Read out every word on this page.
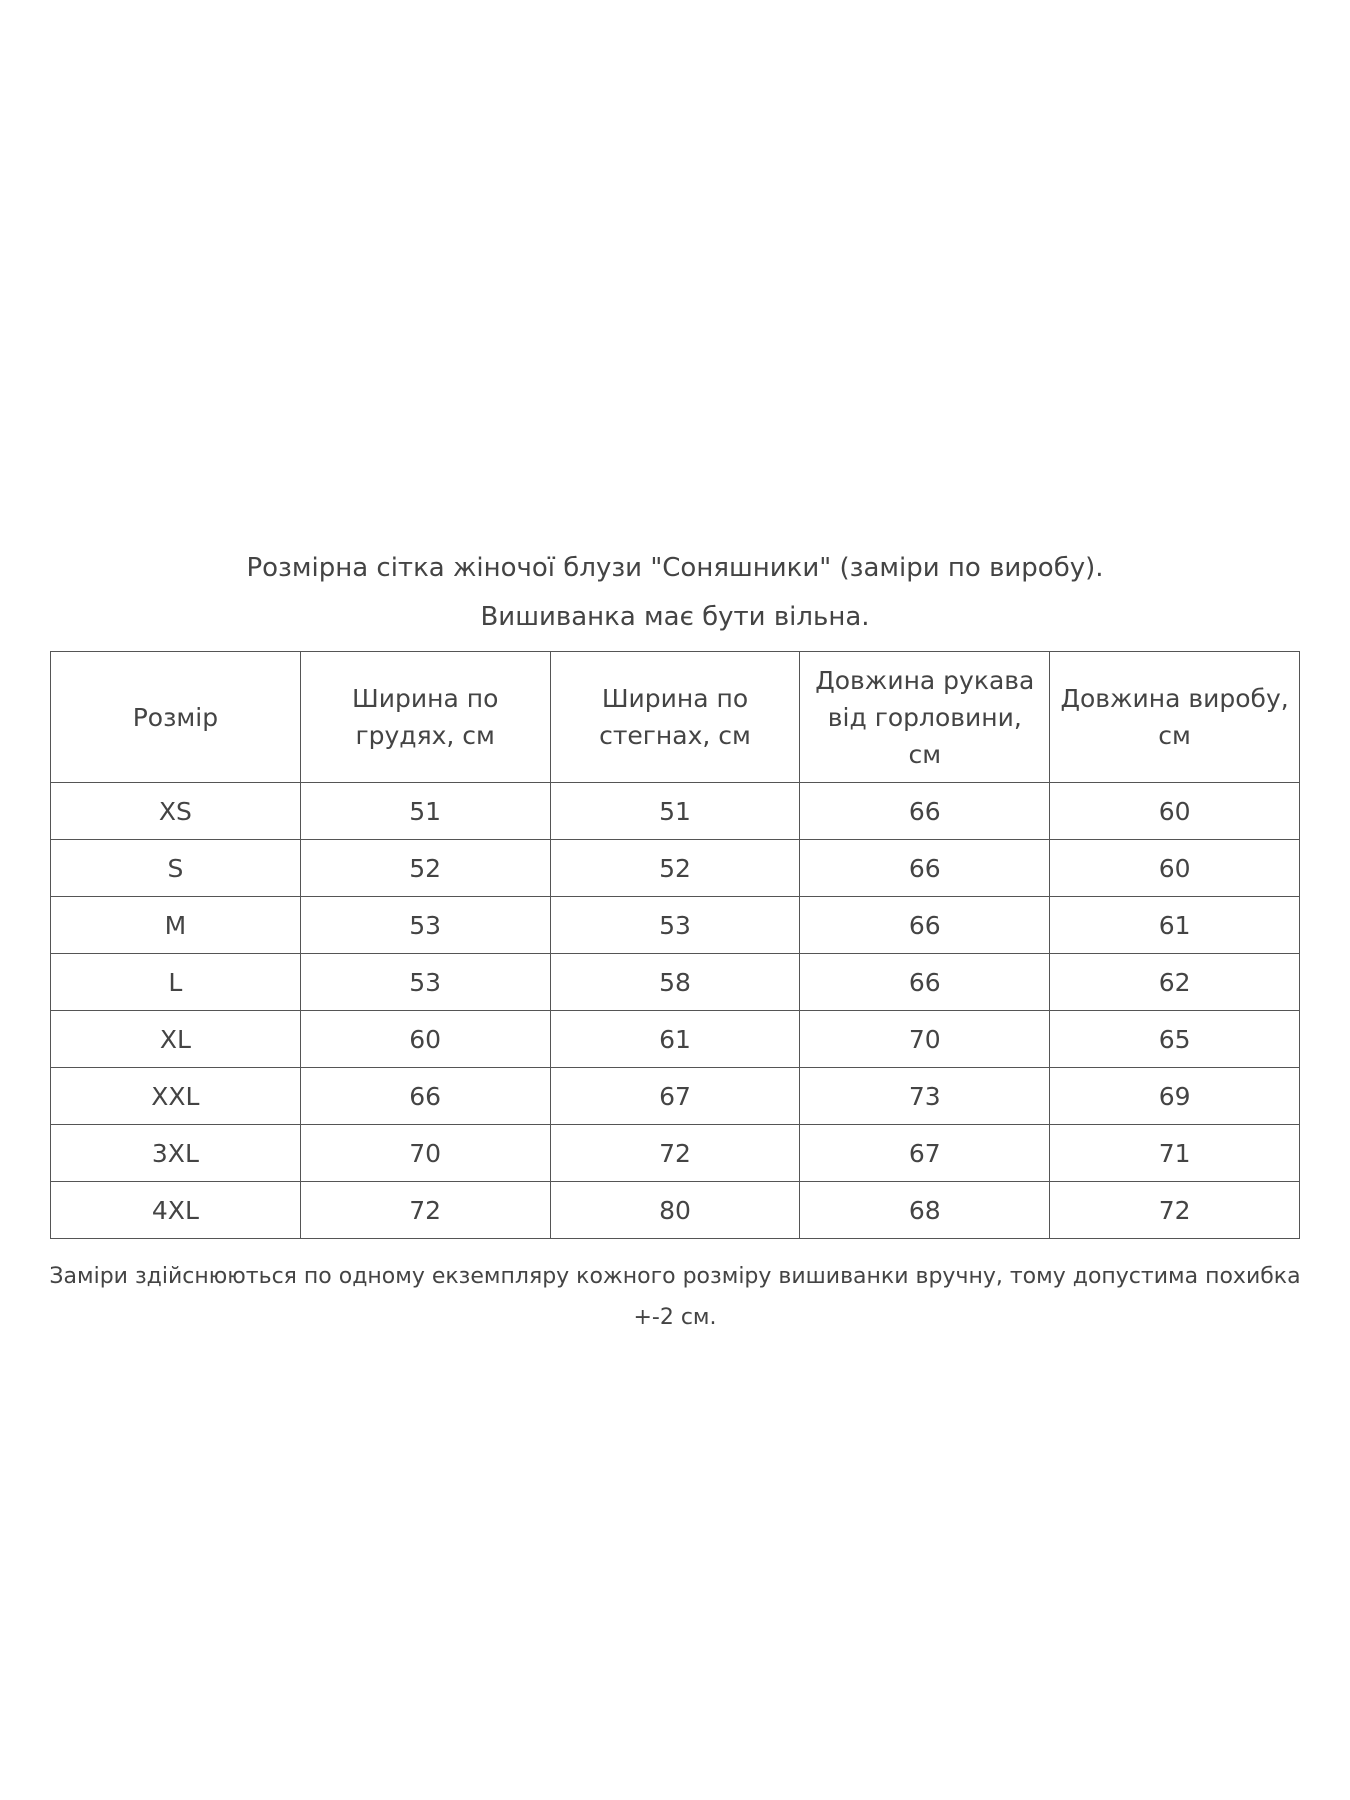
Розмірна сітка жіночої блузи "Соняшники" (заміри по виробу).
Вишиванка має бути вільна.
Розмір	Ширина по грудях, см	Ширина по стегнах, см	Довжина рукава від горловини, см	Довжина виробу, см
XS	51	51	66	60
S	52	52	66	60
M	53	53	66	61
L	53	58	66	62
XL	60	61	70	65
XXL	66	67	73	69
3XL	70	72	67	71
4XL	72	80	68	72
Заміри здійснюються по одному екземпляру кожного розміру вишиванки вручну, тому допустима похибка +-2 см.
